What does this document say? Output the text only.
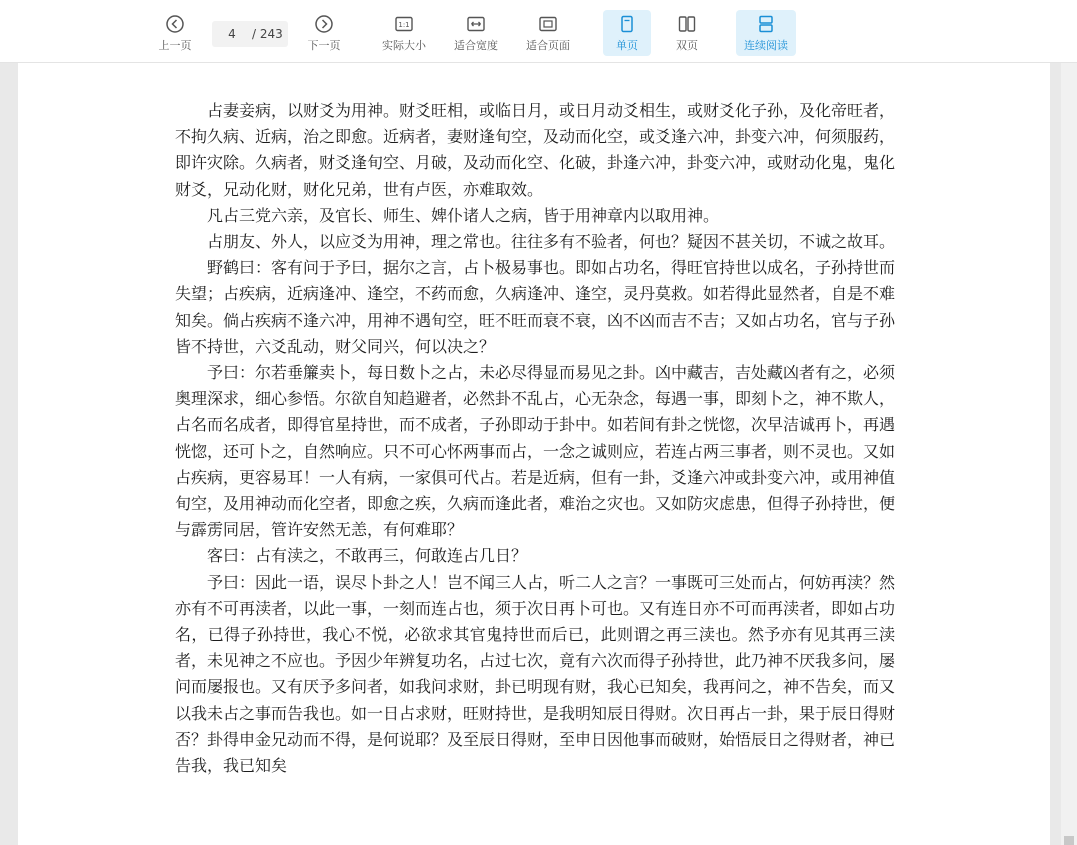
上一页
4	/ 243
下一页
1:1
实际大小	适合宽度	适合页面	单页	双页	连续阅读

占妻妾病，以财爻为用神。财爻旺相，或临日月，或日月动爻相生，或财爻化子孙，及化帝旺者，不拘久病、近病，治之即愈。近病者，妻财逢旬空，及动而化空，或爻逢六冲，卦变六冲，何须服药，即许灾除。久病者，财爻逢旬空、月破，及动而化空、化破，卦逢六冲，卦变六冲，或财动化鬼，鬼化财爻，兄动化财，财化兄弟，世有卢医，亦难取效。

凡占三党六亲，及官长、师生、婢仆诸人之病，皆于用神章内以取用神。

占朋友、外人，以应爻为用神，理之常也。往往多有不验者，何也？疑因不甚关切，不诚之故耳。

野鹤曰：客有问于予曰，据尔之言，占卜极易事也。即如占功名，得旺官持世以成名，子孙持世而失望；占疾病，近病逢冲、逢空，不药而愈，久病逢冲、逢空，灵丹莫救。如若得此显然者，自是不难知矣。倘占疾病不逢六冲，用神不遇旬空，旺不旺而衰不衰，凶不凶而吉不吉；又如占功名，官与子孙皆不持世，六爻乱动，财父同兴，何以决之？

予曰：尔若垂簾卖卜，每日数卜之占，未必尽得显而易见之卦。凶中藏吉，吉处藏凶者有之，必须奥理深求，细心参悟。尔欲自知趋避者，必然卦不乱占，心无杂念，每遇一事，即刻卜之，神不欺人，占名而名成者，即得官星持世，而不成者，子孙即动于卦中。如若间有卦之恍惚，次早洁诚再卜，再遇恍惚，还可卜之，自然响应。只不可心怀两事而占，一念之诚则应，若连占两三事者，则不灵也。又如占疾病，更容易耳！一人有病，一家俱可代占。若是近病，但有一卦，爻逢六冲或卦变六冲，或用神值旬空，及用神动而化空者，即愈之疾，久病而逢此者，难治之灾也。又如防灾虑患，但得子孙持世，便与霹雳同居，管许安然无恙，有何难耶？

客曰：占有渎之，不敢再三，何敢连占几日？

予曰：因此一语，误尽卜卦之人！岂不闻三人占，听二人之言？一事既可三处而占，何妨再渎？然亦有不可再渎者，以此一事，一刻而连占也，须于次日再卜可也。又有连日亦不可而再渎者，即如占功名，已得子孙持世，我心不悦，必欲求其官鬼持世而后已，此则谓之再三渎也。然予亦有见其再三渎者，未见神之不应也。予因少年辨复功名，占过七次，竟有六次而得子孙持世，此乃神不厌我多问，屡问而屡报也。又有厌予多问者，如我问求财，卦已明现有财，我心已知矣，我再问之，神不告矣，而又以我未占之事而告我也。如一日占求财，旺财持世，是我明知辰日得财。次日再占一卦，果于辰日得财否？卦得申金兄动而不得，是何说耶？及至辰日得财，至申日因他事而破财，始悟辰日之得财者，神已告我，我已知矣
